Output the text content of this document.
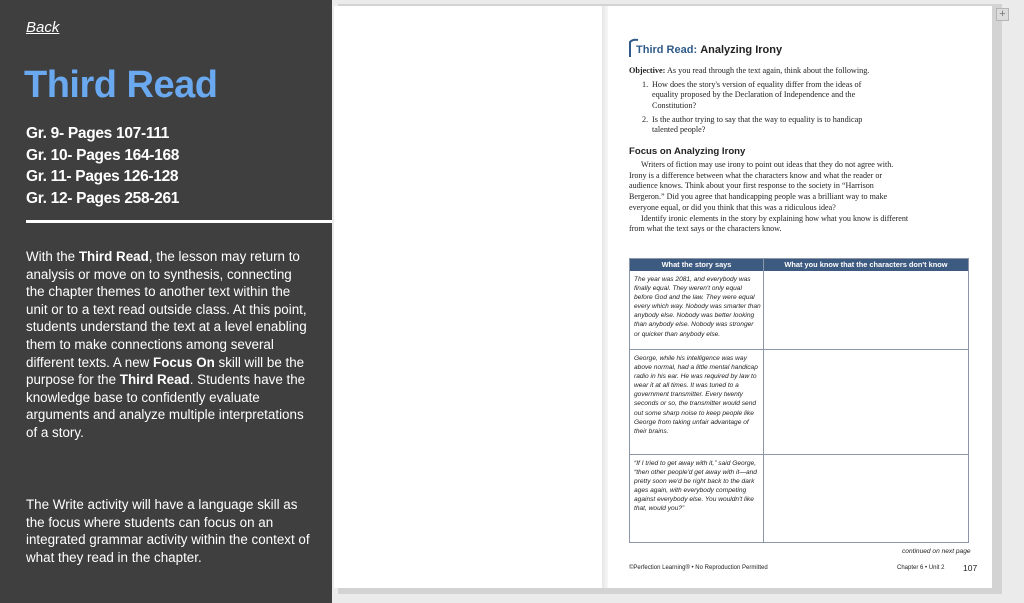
Back
Third Read
Gr. 9- Pages 107-111
Gr. 10- Pages 164-168
Gr. 11- Pages 126-128
Gr. 12- Pages 258-261
With the Third Read, the lesson may return to analysis or move on to synthesis, connecting the chapter themes to another text within the unit or to a text read outside class. At this point, students understand the text at a level enabling them to make connections among several different texts. A new Focus On skill will be the purpose for the Third Read. Students have the knowledge base to confidently evaluate arguments and analyze multiple interpretations of a story.
The Write activity will have a language skill as the focus where students can focus on an integrated grammar activity within the context of what they read in the chapter.
+
Third Read: Analyzing Irony
Objective: As you read through the text again, think about the following.
1. How does the story's version of equality differ from the ideas of equality proposed by the Declaration of Independence and the Constitution?
2. Is the author trying to say that the way to equality is to handicap talented people?
Focus on Analyzing Irony

Writers of fiction may use irony to point out ideas that they do not agree with. Irony is a difference between what the characters know and what the reader or audience knows. Think about your first response to the society in “Harrison Bergeron.” Did you agree that handicapping people was a brilliant way to make everyone equal, or did you think that this was a ridiculous idea?

Identify ironic elements in the story by explaining how what you know is different from what the text says or the characters know.

What the story says	What you know that the characters don't know
The year was 2081, and everybody was finally equal. They weren't only equal before God and the law. They were equal every which way. Nobody was smarter than anybody else. Nobody was better looking than anybody else. Nobody was stronger or quicker than anybody else.
George, while his intelligence was way above normal, had a little mental handicap radio in his ear. He was required by law to wear it at all times. It was tuned to a government transmitter. Every twenty seconds or so, the transmitter would send out some sharp noise to keep people like George from taking unfair advantage of their brains.
“If I tried to get away with it,” said George, “then other people'd get away with it—and pretty soon we'd be right back to the dark ages again, with everybody competing against everybody else. You wouldn't like that, would you?”
continued on next page
©Perfection Learning® • No Reproduction Permitted	Chapter 6 • Unit 2 107
